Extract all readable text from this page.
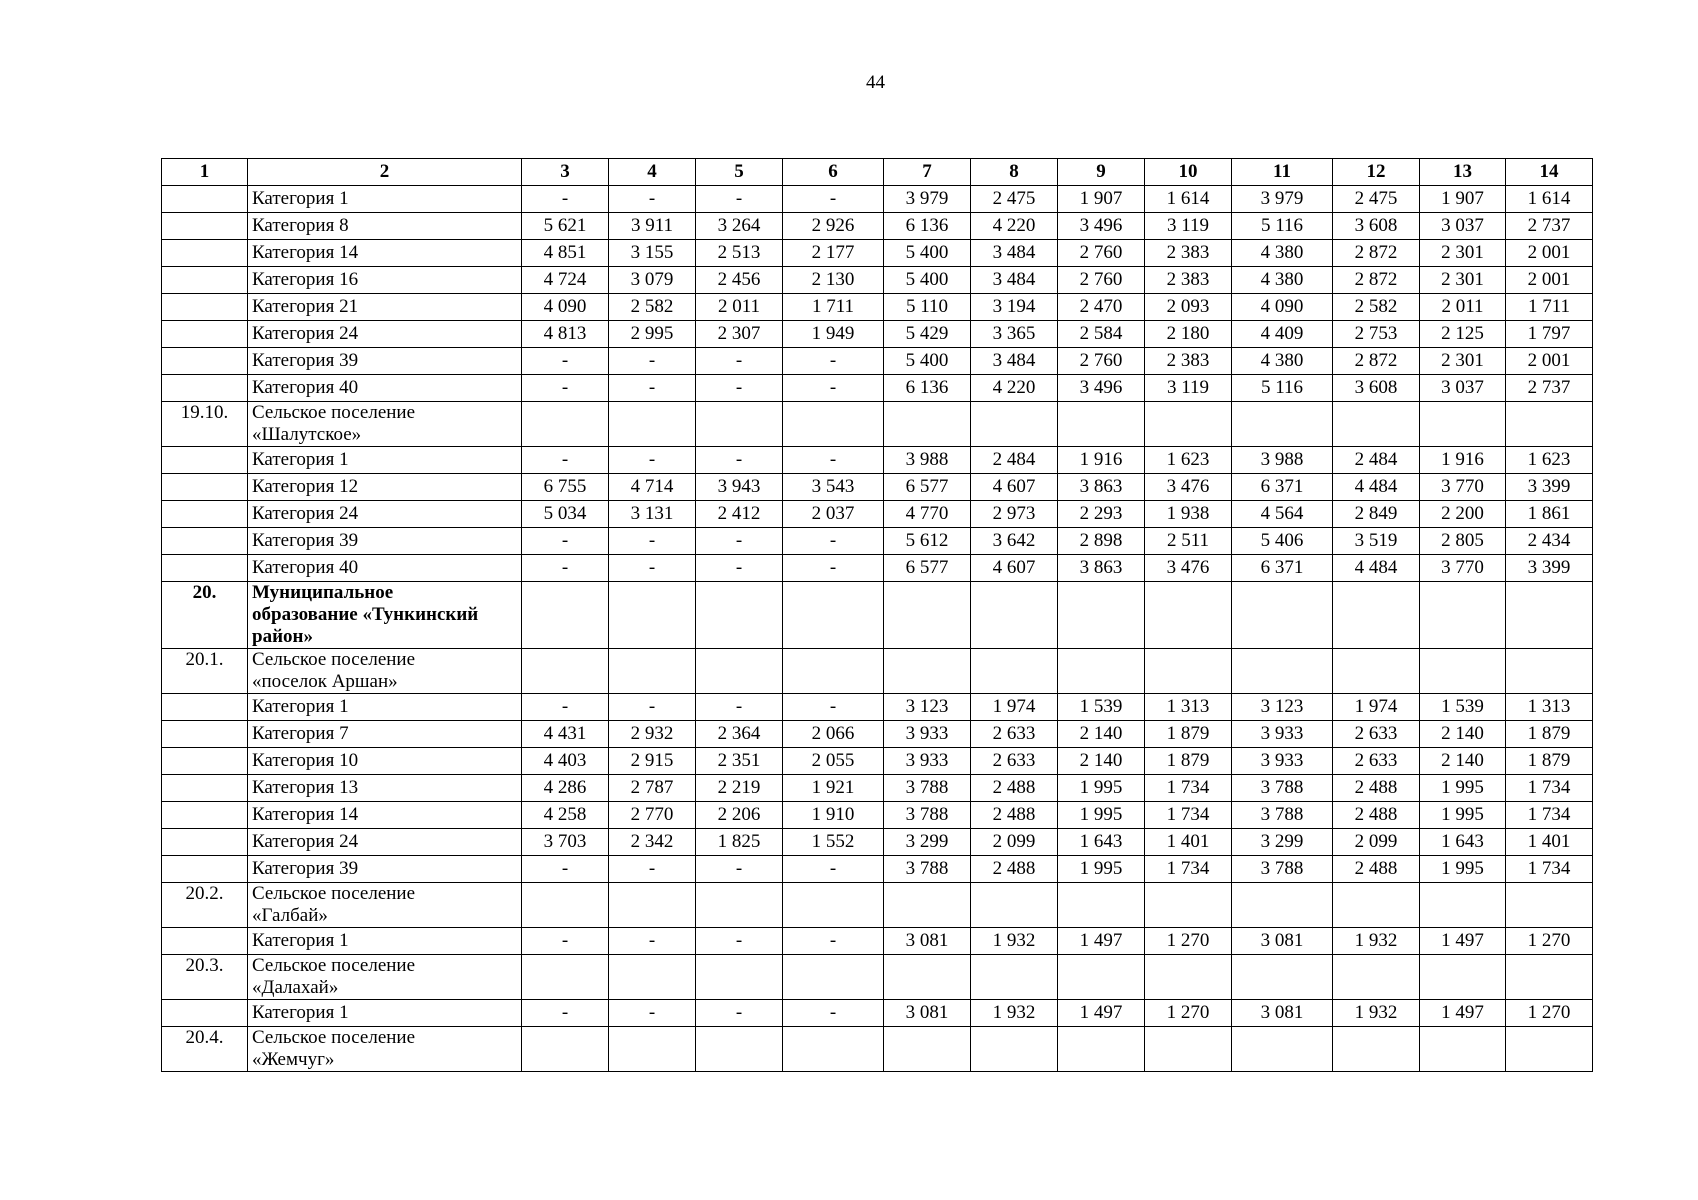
44
1	2	3	4	5	6	7	8	9	10	11	12	13	14
	Категория 1	-	-	-	-	3 979	2 475	1 907	1 614	3 979	2 475	1 907	1 614
	Категория 8	5 621	3 911	3 264	2 926	6 136	4 220	3 496	3 119	5 116	3 608	3 037	2 737
	Категория 14	4 851	3 155	2 513	2 177	5 400	3 484	2 760	2 383	4 380	2 872	2 301	2 001
	Категория 16	4 724	3 079	2 456	2 130	5 400	3 484	2 760	2 383	4 380	2 872	2 301	2 001
	Категория 21	4 090	2 582	2 011	1 711	5 110	3 194	2 470	2 093	4 090	2 582	2 011	1 711
	Категория 24	4 813	2 995	2 307	1 949	5 429	3 365	2 584	2 180	4 409	2 753	2 125	1 797
	Категория 39	-	-	-	-	5 400	3 484	2 760	2 383	4 380	2 872	2 301	2 001
	Категория 40	-	-	-	-	6 136	4 220	3 496	3 119	5 116	3 608	3 037	2 737
19.10.	Сельское поселение
«Шалутское»												

	Категория 1	-	-	-	-	3 988	2 484	1 916	1 623	3 988	2 484	1 916	1 623
	Категория 12	6 755	4 714	3 943	3 543	6 577	4 607	3 863	3 476	6 371	4 484	3 770	3 399
	Категория 24	5 034	3 131	2 412	2 037	4 770	2 973	2 293	1 938	4 564	2 849	2 200	1 861
	Категория 39	-	-	-	-	5 612	3 642	2 898	2 511	5 406	3 519	2 805	2 434
	Категория 40	-	-	-	-	6 577	4 607	3 863	3 476	6 371	4 484	3 770	3 399
20.	Муниципальное
образование «Тункинский
район»												

20.1.	Сельское поселение
«поселок Аршан»												

	Категория 1	-	-	-	-	3 123	1 974	1 539	1 313	3 123	1 974	1 539	1 313
	Категория 7	4 431	2 932	2 364	2 066	3 933	2 633	2 140	1 879	3 933	2 633	2 140	1 879
	Категория 10	4 403	2 915	2 351	2 055	3 933	2 633	2 140	1 879	3 933	2 633	2 140	1 879
	Категория 13	4 286	2 787	2 219	1 921	3 788	2 488	1 995	1 734	3 788	2 488	1 995	1 734
	Категория 14	4 258	2 770	2 206	1 910	3 788	2 488	1 995	1 734	3 788	2 488	1 995	1 734
	Категория 24	3 703	2 342	1 825	1 552	3 299	2 099	1 643	1 401	3 299	2 099	1 643	1 401
	Категория 39	-	-	-	-	3 788	2 488	1 995	1 734	3 788	2 488	1 995	1 734
20.2.	Сельское поселение
«Галбай»												

	Категория 1	-	-	-	-	3 081	1 932	1 497	1 270	3 081	1 932	1 497	1 270
20.3.	Сельское поселение
«Далахай»												

	Категория 1	-	-	-	-	3 081	1 932	1 497	1 270	3 081	1 932	1 497	1 270
20.4.	Сельское поселение
«Жемчуг»												
